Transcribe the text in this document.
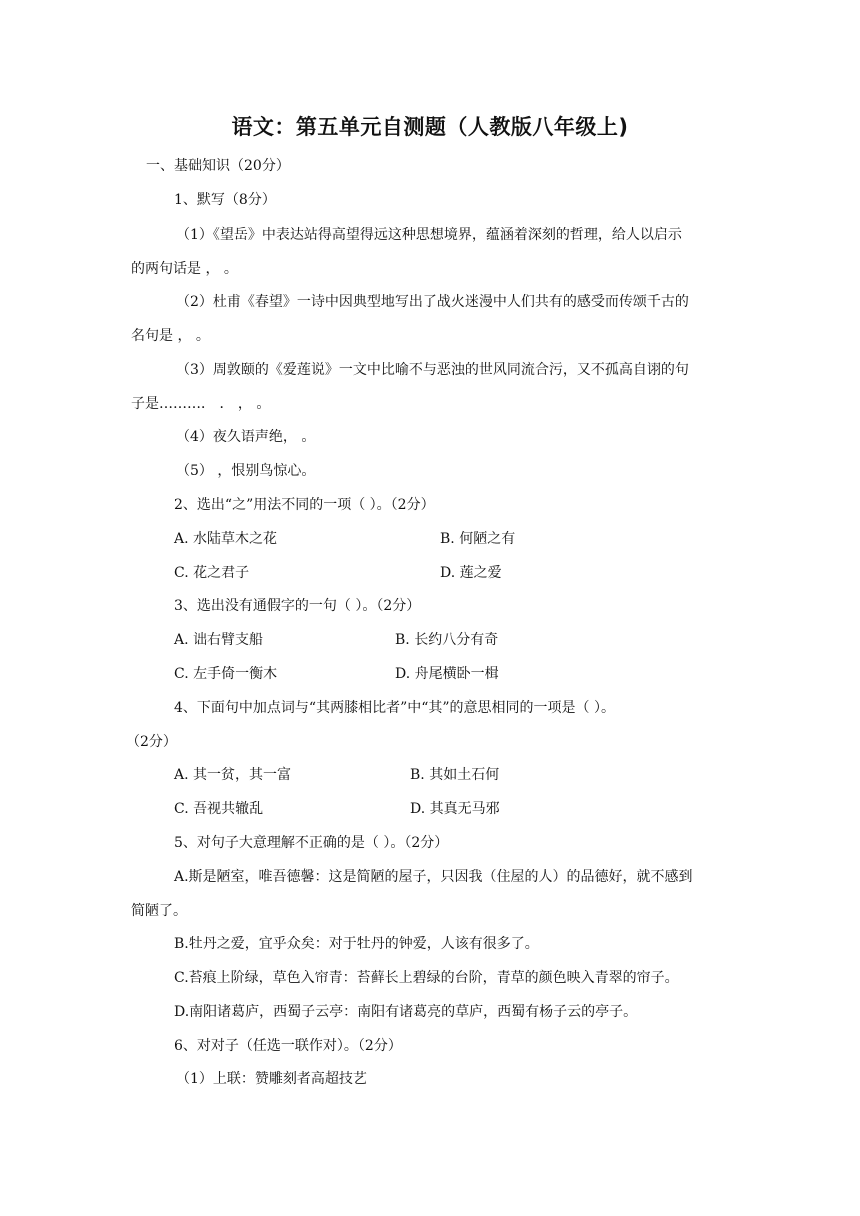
语文：第五单元自测题（人教版八年级上)
一、基础知识（20分）
1、默写（8分）
（1）《望岳》中表达站得高望得远这种思想境界，蕴涵着深刻的哲理，给人以启示
的两句话是 ， 。
（2）杜甫《春望》一诗中因典型地写出了战火迷漫中人们共有的感受而传颂千古的
名句是 ， 。
（3）周敦颐的《爱莲说》一文中比喻不与恶浊的世风同流合污，又不孤高自诩的句
子是………． ． ， 。
（4）夜久语声绝， 。
（5） ，恨别鸟惊心。
2、选出“之”用法不同的一项（ ）。（2分）
A. 水陆草木之花	B. 何陋之有
C. 花之君子	D. 莲之爱
3、选出没有通假字的一句（ ）。（2分）
A. 诎右臂支船	B. 长约八分有奇
C. 左手倚一衡木	D. 舟尾横卧一楫
4、下面句中加点词与“其两膝相比者”中“其”的意思相同的一项是（ ）。
（2分）
A. 其一贫，其一富	B. 其如土石何
C. 吾视共辙乱	D. 其真无马邪
5、对句子大意理解不正确的是（ ）。（2分）
A.斯是陋室，唯吾德馨：这是简陋的屋子，只因我（住屋的人）的品德好，就不感到
简陋了。
B.牡丹之爱，宜乎众矣：对于牡丹的钟爱，人该有很多了。
C.苔痕上阶绿，草色入帘青：苔藓长上碧绿的台阶，青草的颜色映入青翠的帘子。
D.南阳诸葛庐，西蜀子云亭：南阳有诸葛亮的草庐，西蜀有杨子云的亭子。
6、对对子（任选一联作对）。（2分）
（1）上联：赞雕刻者高超技艺
